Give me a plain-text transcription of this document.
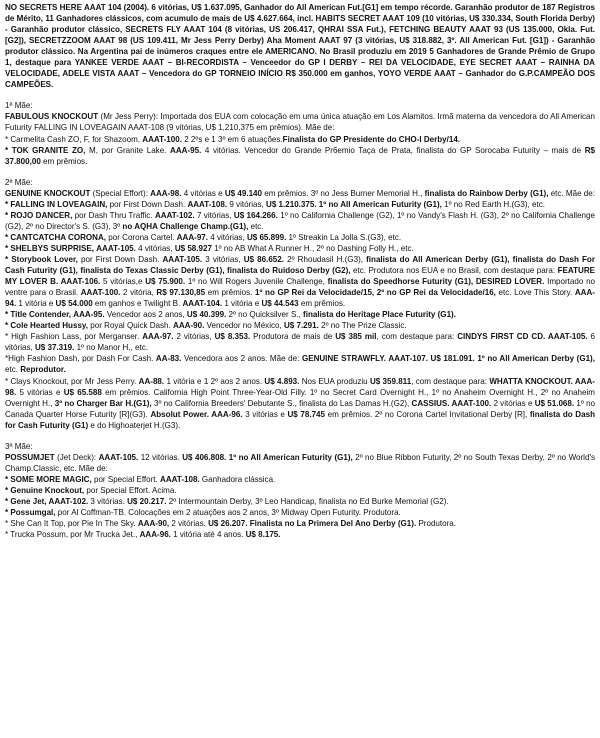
NO SECRETS HERE AAAT 104 (2004). 6 vitórias, U$ 1.637.095, Ganhador do All American Fut.[G1] em tempo récorde. Garanhão produtor de 187 Registros de Mérito, 11 Ganhadores clássicos, com acumulo de mais de U$ 4.627.664, incl. HABITS SECRET AAAT 109 (10 vitórias, U$ 330.334, South Florida Derby) - Garanhão produtor clássico, SECRETS FLY AAAT 104 (8 vitórias, US 206.417, QHRAI SSA Fut.), FETCHING BEAUTY AAAT 93 (US 135.000, Okla. Fut. [G2]), SECRETZZOOM AAAT 98 (US 109.411, Mr Jess Perry Derby) Aha Moment AAAT 97 (3 vitórias, U$ 318.882, 3º. All American Fut. [G1]) - Garanhão produtor clássico. Na Argentina pai de inúmeros craques entre ele AMERICANO. No Brasil produziu em 2019 5 Ganhadores de Grande Prêmio de Grupo 1, destaque para YANKEE VERDE AAAT – BI-RECORDISTA – Venceedor do GP I DERBY – REI DA VELOCIDADE, EYE SECRET AAAT – RAINHA DA VELOCIDADE, ADELE VISTA AAAT – Vencedora do GP TORNEIO INÍCIO R$ 350.000 em ganhos, YOYO VERDE AAAT – Ganhador do G.P.CAMPEÃO DOS CAMPEÕES.

1ª Mãe:

FABULOUS KNOCKOUT (Mr Jess Perry): Importada dos EUA com colocação em uma única atuação em Los Alamitos. Irmã materna da vencedora do All American Futurity FALLING IN LOVEAGAIN AAAT-108 (9 vitórias, U$ 1,210,375 em prêmios). Mãe de:

* Carmelita Cash ZO, F, for Shazoom. AAAT-100. 2 2ºs e 1 3º em 6 atuações.Finalista do GP Presidente do CHO-I Derby/14.

* TOK GRANITE ZO, M, por Granite Lake. AAA-95. 4 vitórias. Vencedor do Grande Pr6emio Taça de Prata, finalista do GP Sorocaba Futurity – mais de R$ 37.800,00 em prêmios.

2ª Mãe:

GENUINE KNOCKOUT (Special Effort): AAA-98. 4 vitórias e U$ 49.140 em prêmios. 3º no Jess Burner Memorial H., finalista do Rainbow Derby (G1), etc. Mãe de:

* FALLING IN LOVEAGAIN, por First Down Dash. AAAT-108. 9 vitórias, U$ 1.210.375. 1º no All American Futurity (G1), 1º no Red Earth H.(G3), etc.

* ROJO DANCER, por Dash Thru Traffic. AAAT-102. 7 vitórias, U$ 164.266. 1º no California Challenge (G2), 1º no Vandy's Flash H. (G3), 2º no California Challenge (G2), 2º no Director's S. (G3), 3º no AQHA Challenge Champ.(G1), etc.

* CANTCATCHA CORONA, por Corona Cartel. AAA-97. 4 vitórias, U$ 65.899. 1º Streakin La Jolla S.(G3), etc.

* SHELBYS SURPRISE, AAAT-105. 4 vitórias, U$ 58.927 1º no AB What A Runner H., 2º no Dashing Folly H., etc.

* Storybook Lover, por First Down Dash. AAAT-105. 3 vitórias, U$ 86.652. 2º Rhoudasil H.(G3), finalista do All American Derby (G1), finalista do Dash For Cash Futurity (G1), finalista do Texas Classic Derby (G1), finalista do Ruidoso Derby (G2), etc. Produtora nos EUA e no Brasil, com destaque para: FEATURE MY LOVER B. AAAT-106. 5 vitórias,e U$ 75.900. 1º no Will Rogers Juvenile Challenge, finalista do Speedhorse Futurity (G1), DESIRED LOVER. Importado no ventre para o Brasil. AAAT-100. 2 vitória, R$ 97.130,85 em prêmios. 1º no GP Rei da Velocidade/15, 2º no GP Rei da Velocidade/16, etc. Love This Story. AAA-94. 1 vitória e U$ 54.000 em ganhos e Twilight B. AAAT-104. 1 vitória e U$ 44.543 em prêmios.

* Title Contender, AAA-95. Vencedor aos 2 anos, U$ 40.399. 2º no Quicksilver S., finalista do Heritage Place Futurity (G1).

* Cole Hearted Hussy, por Royal Quick Dash. AAA-90. Vencedor no México, U$ 7.291. 2º no The Prize Classic.

* High Fashion Lass, por Merganser. AAA-97. 2 vitórias, U$ 8.353. Produtora de mais de U$ 385 mil, com destaque para: CINDYS FIRST CD CD. AAAT-105. 6 vitórias, U$ 37.319. 1º no Manor H., etc.

*High Fashion Dash, por Dash For Cash. AA-83. Vencedora aos 2 anos. Mãe de: GENUINE STRAWFLY. AAAT-107. U$ 181.091. 1º no All American Derby (G1), etc. Reprodutor.

* Clays Knockout, por Mr Jess Perry. AA-88. 1 vitória e 1 2º aos 2 anos. U$ 4.893. Nos EUA produziu U$ 359.811, com destaque para: WHATTA KNOCKOUT. AAA-98. 5 vitórias e U$ 65.588 em prêmios. California High Point Three-Year-Old Filly. 1º no Secret Card Overnight H., 1º no Anaheim Overnight H., 2º no Anaheim Overnight H., 3º no Charger Bar H.(G1), 3º no California Breeders' Debutante S., finalista do Las Damas H.(G2), CASSIUS. AAAT-100. 2 vitórias e U$ 51.068. 1º no Canada Quarter Horse Futurity [R](G3). Absolut Power. AAA-96. 3 vitórias e U$ 78.745 em prêmios. 2º no Corona Cartel Invitational Derby [R], finalista do Dash for Cash Futurity (G1) e do Highoaterjet H.(G3).

3ª Mãe:

POSSUMJET (Jet Deck): AAAT-105. 12 vitórias. U$ 406.808. 1º no All American Futurity (G1), 2º no Blue Ribbon Futurity, 2º no South Texas Derby, 2º no World's Champ.Classic, etc. Mãe de:

* SOME MORE MAGIC, por Special Effort. AAAT-108. Ganhadora clássica.

* Genuine Knockout, por Special Effort. Acima.

* Gene Jet, AAAT-102. 3 vitórias. U$ 20.217. 2º Intermountain Derby, 3º Leo Handicap, finalista no Ed Burke Memorial (G2).

* Possumgal, por Al Coffman-TB. Colocações em 2 atuações aos 2 anos, 3º Midway Open Futurity. Produtora.

* She Can It Top, por Pie In The Sky. AAA-90, 2 vitórias. U$ 26.207. Finalista no La Primera Del Ano Derby (G1). Produtora.

* Trucka Possum, por Mr Trucka Jet., AAA-96. 1 vitória até 4 anos. U$ 8.175.
